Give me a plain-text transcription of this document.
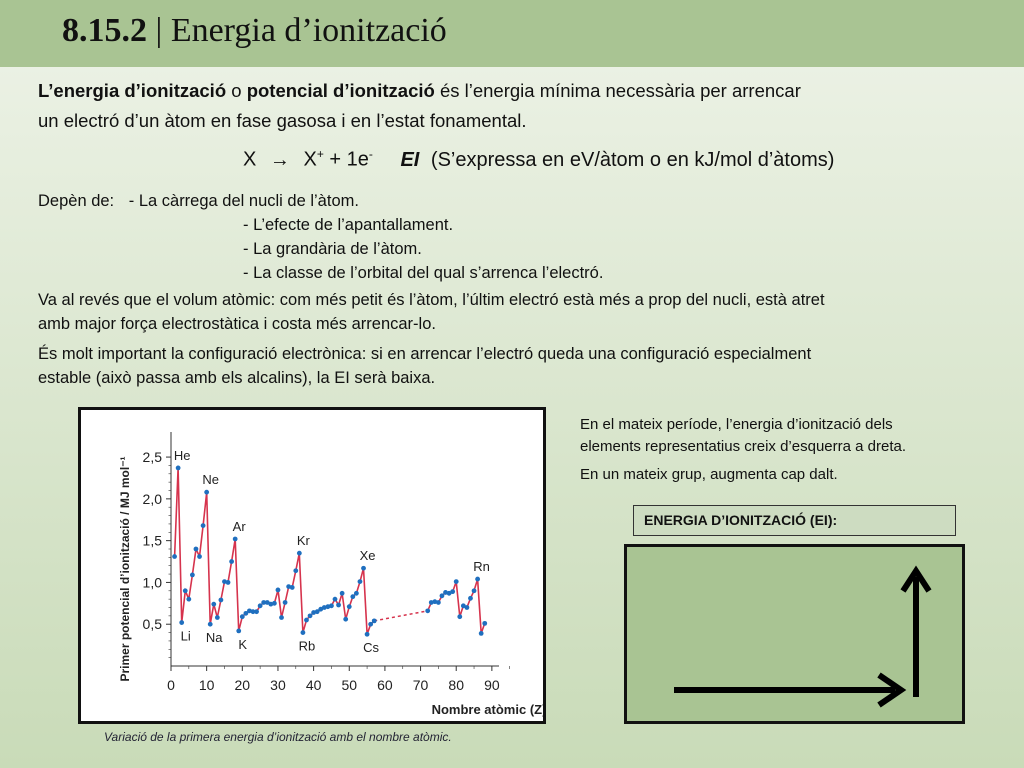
8.15.2 | Energia d’ionització
L’energia d’ionització o potencial d’ionització és l’energia mínima necessària per arrencar
un electró d’un àtom en fase gasosa i en l’estat fonamental.
X → X+ + 1e- EI (S’expressa en eV/àtom o en kJ/mol d’àtoms)
Depèn de: - La càrrega del nucli de l’àtom.
- L’efecte de l’apantallament.
- La grandària de l’àtom.
- La classe de l’orbital del qual s’arrenca l’electró.
Va al revés que el volum atòmic: com més petit és l’àtom, l’últim electró està més a prop del nucli, està atret
amb major força electrostàtica i costa més arrencar-lo.
És molt important la configuració electrònica: si en arrencar l’electró queda una configuració especialment
estable (això passa amb els alcalins), la EI serà baixa.
0,5
1,0
1,5
2,0
2,5
0 10 20 30 40 50 60 70 80 90
Nombre atòmic (Z)
Primer potencial d’ionització / MJ mol⁻¹
He
Ne
Ar
Kr
Xe
Rn
Li Na K	Rb	Cs
Variació de la primera energia d’ionització amb el nombre atòmic.
En el mateix període, l’energia d’ionització dels
elements representatius creix d’esquerra a dreta.
En un mateix grup, augmenta cap dalt.
ENERGIA D’IONITZACIÓ (EI):
